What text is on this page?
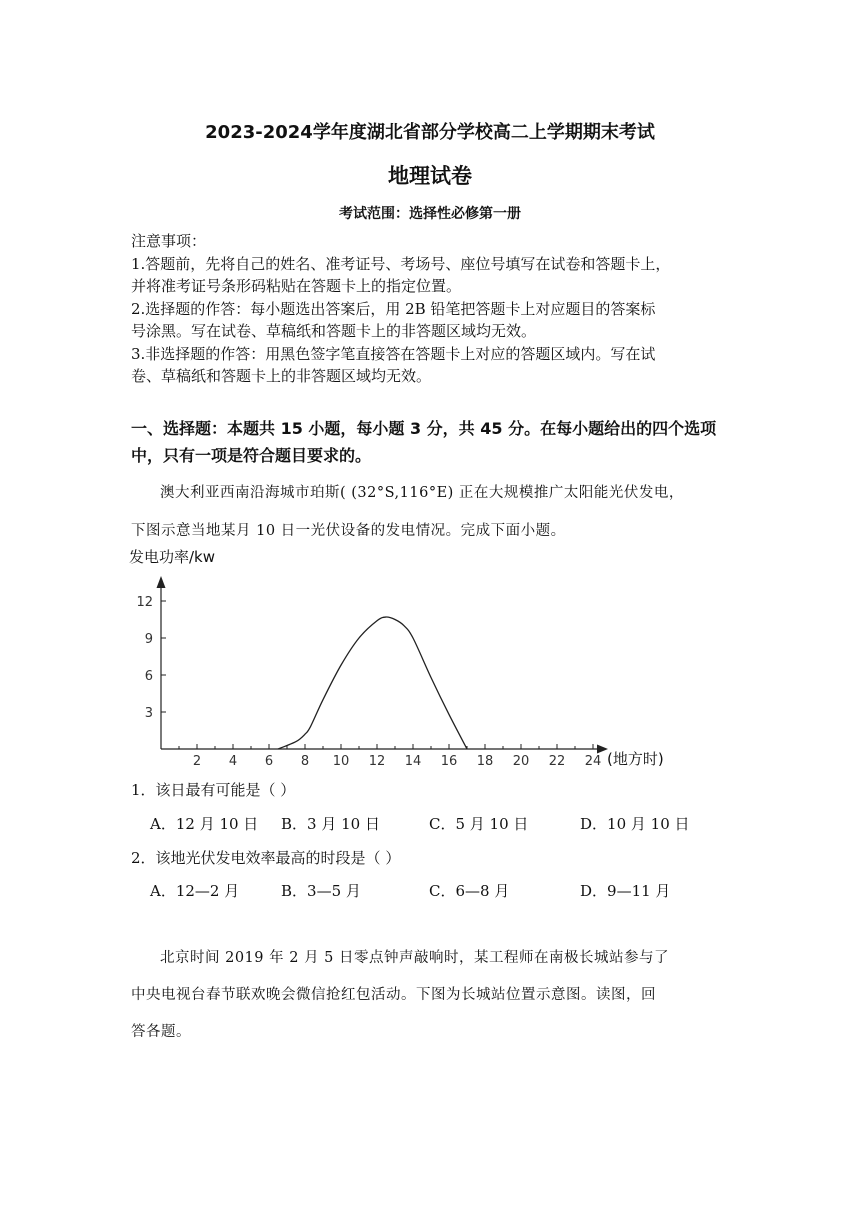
2023-2024学年度湖北省部分学校高二上学期期末考试
地理试卷
考试范围：选择性必修第一册
注意事项：
1.答题前，先将自己的姓名、准考证号、考场号、座位号填写在试卷和答题卡上，
并将准考证号条形码粘贴在答题卡上的指定位置。
2.选择题的作答：每小题选出答案后，用 2B 铅笔把答题卡上对应题目的答案标
号涂黑。写在试卷、草稿纸和答题卡上的非答题区域均无效。
3.非选择题的作答：用黑色签字笔直接答在答题卡上对应的答题区域内。写在试
卷、草稿纸和答题卡上的非答题区域均无效。
一、选择题：本题共 15 小题，每小题 3 分，共 45 分。在每小题给出的四个选项
中，只有一项是符合题目要求的。
澳大利亚西南沿海城市珀斯( (32°S,116°E) 正在大规模推广太阳能光伏发电，
下图示意当地某月 10 日一光伏设备的发电情况。完成下面小题。
发电功率/kw
2 4 6 8 10 12 14 16 18 20 22 24
3
6
9
12
(地方时)
1．该日最有可能是（ ）
A．12 月 10 日 B．3 月 10 日	C．5 月 10 日	D．10 月 10 日
2．该地光伏发电效率最高的时段是（ ）
A．12—2 月	B．3—5 月	C．6—8 月	D．9—11 月
北京时间 2019 年 2 月 5 日零点钟声敲响时，某工程师在南极长城站参与了
中央电视台春节联欢晚会微信抢红包活动。下图为长城站位置示意图。读图，回
答各题。
